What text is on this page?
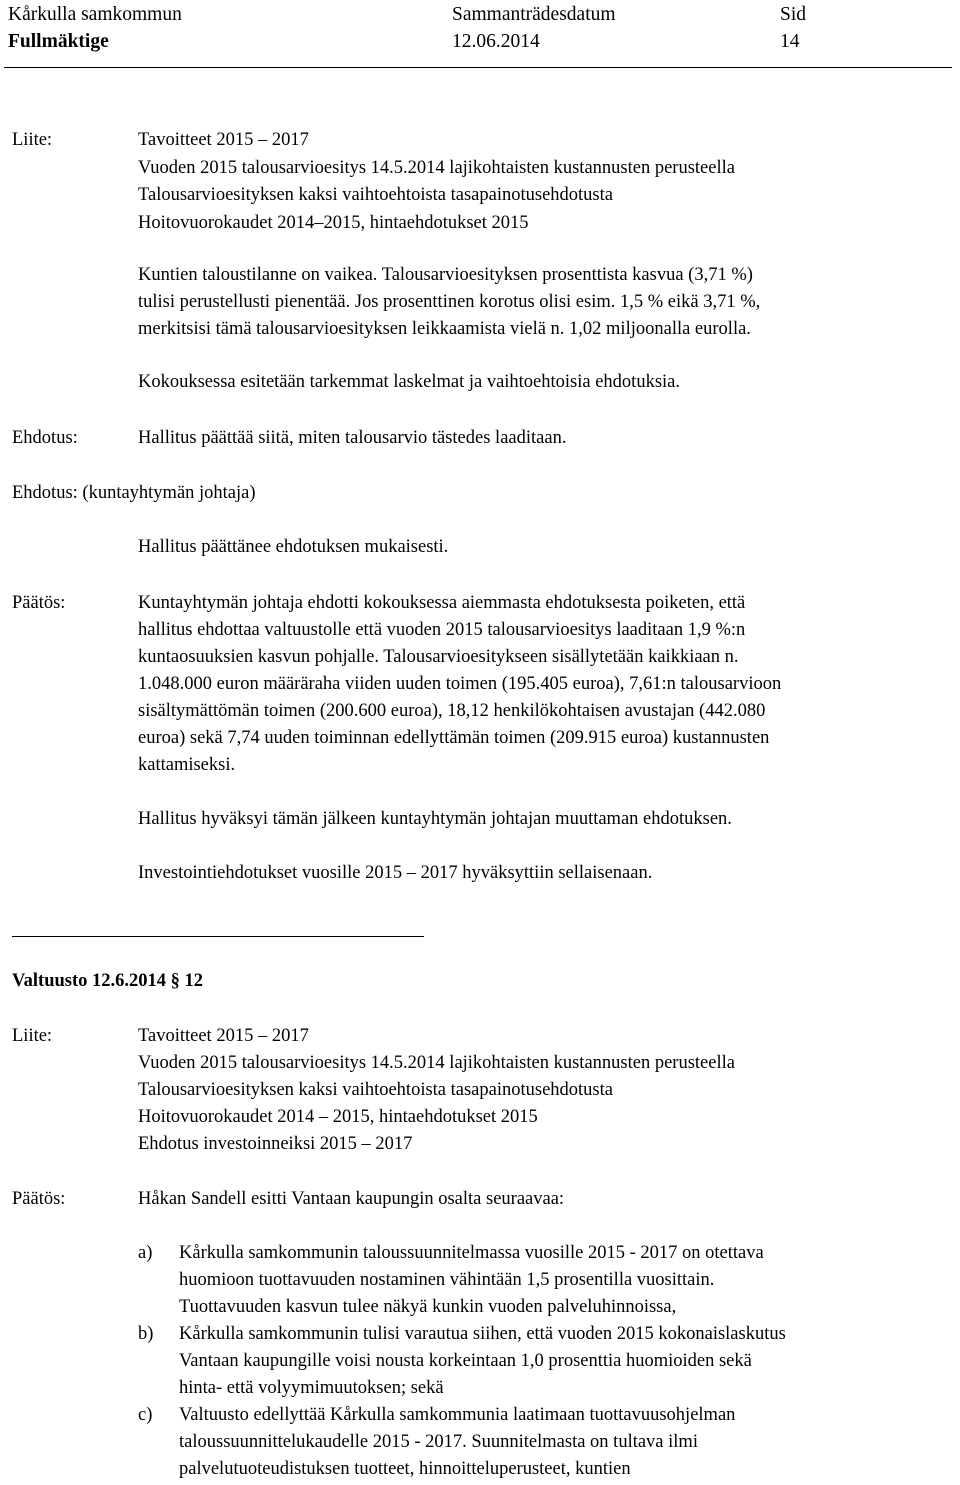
Kårkulla samkommun	Sammanträdesdatum	Sid
Fullmäktige	12.06.2014	14
Liite:	Tavoitteet 2015 – 2017
Vuoden 2015 talousarvioesitys 14.5.2014 lajikohtaisten kustannusten perusteella
Talousarvioesityksen kaksi vaihtoehtoista tasapainotusehdotusta
Hoitovuorokaudet 2014–2015, hintaehdotukset 2015
Kuntien taloustilanne on vaikea. Talousarvioesityksen prosenttista kasvua (3,71 %)
tulisi perustellusti pienentää. Jos prosenttinen korotus olisi esim. 1,5 % eikä 3,71 %,
merkitsisi tämä talousarvioesityksen leikkaamista vielä n. 1,02 miljoonalla eurolla.
Kokouksessa esitetään tarkemmat laskelmat ja vaihtoehtoisia ehdotuksia.
Ehdotus:	Hallitus päättää siitä, miten talousarvio tästedes laaditaan.
Ehdotus: (kuntayhtymän johtaja)
Hallitus päättänee ehdotuksen mukaisesti.
Päätös:	Kuntayhtymän johtaja ehdotti kokouksessa aiemmasta ehdotuksesta poiketen, että
hallitus ehdottaa valtuustolle että vuoden 2015 talousarvioesitys laaditaan 1,9 %:n
kuntaosuuksien kasvun pohjalle. Talousarvioesitykseen sisällytetään kaikkiaan n.
1.048.000 euron määräraha viiden uuden toimen (195.405 euroa), 7,61:n talousarvioon
sisältymättömän toimen (200.600 euroa), 18,12 henkilökohtaisen avustajan (442.080
euroa) sekä 7,74 uuden toiminnan edellyttämän toimen (209.915 euroa) kustannusten
kattamiseksi.
Hallitus hyväksyi tämän jälkeen kuntayhtymän johtajan muuttaman ehdotuksen.
Investointiehdotukset vuosille 2015 – 2017 hyväksyttiin sellaisenaan.
Valtuusto 12.6.2014 § 12
Liite:	Tavoitteet 2015 – 2017
Vuoden 2015 talousarvioesitys 14.5.2014 lajikohtaisten kustannusten perusteella
Talousarvioesityksen kaksi vaihtoehtoista tasapainotusehdotusta
Hoitovuorokaudet 2014 – 2015, hintaehdotukset 2015
Ehdotus investoinneiksi 2015 – 2017
Päätös:	Håkan Sandell esitti Vantaan kaupungin osalta seuraavaa:
a) Kårkulla samkommunin taloussuunnitelmassa vuosille 2015 - 2017 on otettava
huomioon tuottavuuden nostaminen vähintään 1,5 prosentilla vuosittain.
Tuottavuuden kasvun tulee näkyä kunkin vuoden palveluhinnoissa,
b) Kårkulla samkommunin tulisi varautua siihen, että vuoden 2015 kokonaislaskutus
Vantaan kaupungille voisi nousta korkeintaan 1,0 prosenttia huomioiden sekä
hinta- että volyymimuutoksen; sekä
c) Valtuusto edellyttää Kårkulla samkommunia laatimaan tuottavuusohjelman
taloussuunnittelukaudelle 2015 - 2017. Suunnitelmasta on tultava ilmi
palvelutuoteudistuksen tuotteet, hinnoitteluperusteet, kuntien
